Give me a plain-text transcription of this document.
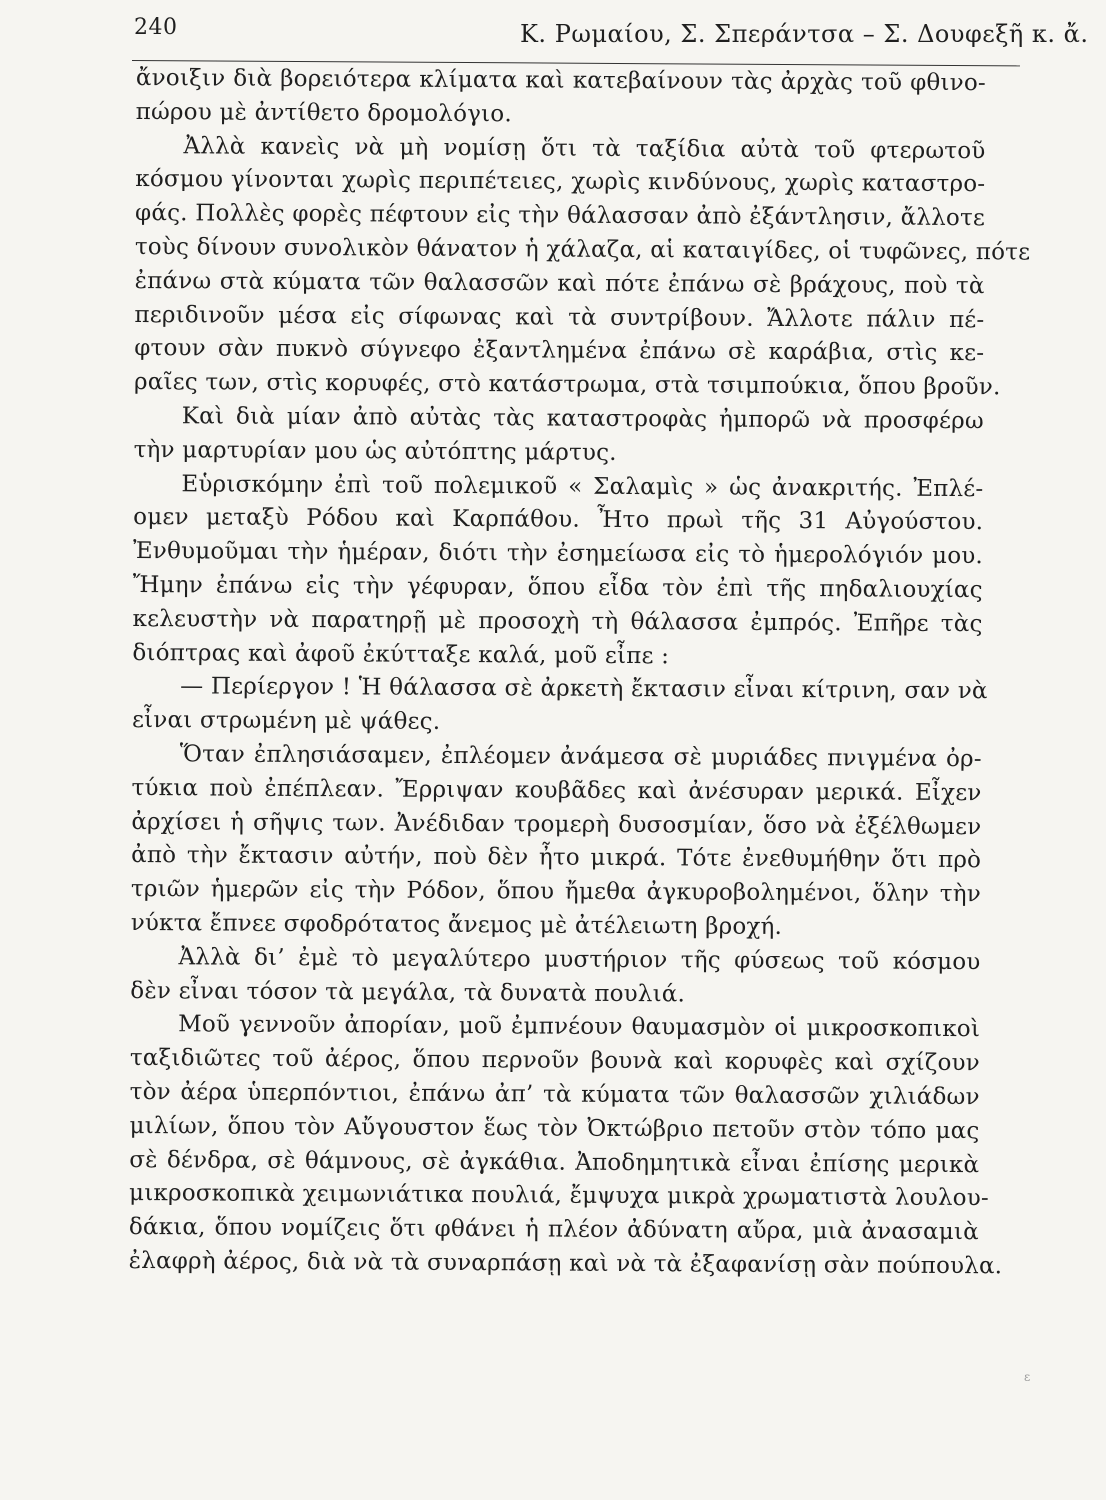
240	Κ. Ρωμαίου, Σ. Σπεράντσα – Σ. Δουφεξῆ κ. ἄ.
ἄνοιξιν διὰ βορειότερα κλίματα καὶ κατεβαίνουν τὰς ἀρχὰς τοῦ φθινο-
πώρου μὲ ἀντίθετο δρομολόγιο.
Ἀλλὰ κανεὶς νὰ μὴ νομίσῃ ὅτι τὰ ταξίδια αὐτὰ τοῦ φτερωτοῦ
κόσμου γίνονται χωρὶς περιπέτειες, χωρὶς κινδύνους, χωρὶς καταστρο-
φάς. Πολλὲς φορὲς πέφτουν εἰς τὴν θάλασσαν ἀπὸ ἐξάντλησιν, ἄλλοτε
τοὺς δίνουν συνολικὸν θάνατον ἡ χάλαζα, αἱ καταιγίδες, οἱ τυφῶνες, πότε
ἐπάνω στὰ κύματα τῶν θαλασσῶν καὶ πότε ἐπάνω σὲ βράχους, ποὺ τὰ
περιδινοῦν μέσα εἰς σίφωνας καὶ τὰ συντρίβουν. Ἄλλοτε πάλιν πέ-
φτουν σὰν πυκνὸ σύγνεφο ἐξαντλημένα ἐπάνω σὲ καράβια, στὶς κε-
ραῖες των, στὶς κορυφές, στὸ κατάστρωμα, στὰ τσιμπούκια, ὅπου βροῦν.
Καὶ διὰ μίαν ἀπὸ αὐτὰς τὰς καταστροφὰς ἠμπορῶ νὰ προσφέρω
τὴν μαρτυρίαν μου ὡς αὐτόπτης μάρτυς.
Εὑρισκόμην ἐπὶ τοῦ πολεμικοῦ « Σαλαμὶς » ὡς ἀνακριτής. Ἐπλέ-
ομεν μεταξὺ Ρόδου καὶ Καρπάθου. Ἦτο πρωὶ τῆς 31 Αὐγούστου.
Ἐνθυμοῦμαι τὴν ἡμέραν, διότι τὴν ἐσημείωσα εἰς τὸ ἡμερολόγιόν μου.
Ἤμην ἐπάνω εἰς τὴν γέφυραν, ὅπου εἶδα τὸν ἐπὶ τῆς πηδαλιουχίας
κελευστὴν νὰ παρατηρῇ μὲ προσοχὴ τὴ θάλασσα ἐμπρός. Ἐπῆρε τὰς
διόπτρας καὶ ἀφοῦ ἐκύτταξε καλά, μοῦ εἶπε :
— Περίεργον ! Ἡ θάλασσα σὲ ἀρκετὴ ἔκτασιν εἶναι κίτρινη, σαν νὰ
εἶναι στρωμένη μὲ ψάθες.
Ὅταν ἐπλησιάσαμεν, ἐπλέομεν ἀνάμεσα σὲ μυριάδες πνιγμένα ὀρ-
τύκια ποὺ ἐπέπλεαν. Ἔρριψαν κουβᾶδες καὶ ἀνέσυραν μερικά. Εἶχεν
ἀρχίσει ἡ σῆψις των. Ἀνέδιδαν τρομερὴ δυσοσμίαν, ὅσο νὰ ἐξέλθωμεν
ἀπὸ τὴν ἔκτασιν αὐτήν, ποὺ δὲν ἦτο μικρά. Τότε ἐνεθυμήθην ὅτι πρὸ
τριῶν ἡμερῶν εἰς τὴν Ρόδον, ὅπου ἤμεθα ἀγκυροβολημένοι, ὅλην τὴν
νύκτα ἔπνεε σφοδρότατος ἄνεμος μὲ ἀτέλειωτη βροχή.
Ἀλλὰ δι’ ἐμὲ τὸ μεγαλύτερο μυστήριον τῆς φύσεως τοῦ κόσμου
δὲν εἶναι τόσον τὰ μεγάλα, τὰ δυνατὰ πουλιά.
Μοῦ γεννοῦν ἀπορίαν, μοῦ ἐμπνέουν θαυμασμὸν οἱ μικροσκοπικοὶ
ταξιδιῶτες τοῦ ἀέρος, ὅπου περνοῦν βουνὰ καὶ κορυφὲς καὶ σχίζουν
τὸν ἀέρα ὑπερπόντιοι, ἐπάνω ἀπ’ τὰ κύματα τῶν θαλασσῶν χιλιάδων
μιλίων, ὅπου τὸν Αὔγουστον ἕως τὸν Ὀκτώβριο πετοῦν στὸν τόπο μας
σὲ δένδρα, σὲ θάμνους, σὲ ἀγκάθια. Ἀποδημητικὰ εἶναι ἐπίσης μερικὰ
μικροσκοπικὰ χειμωνιάτικα πουλιά, ἔμψυχα μικρὰ χρωματιστὰ λουλου-
δάκια, ὅπου νομίζεις ὅτι φθάνει ἡ πλέον ἀδύνατη αὔρα, μιὰ ἀνασαμιὰ
ἐλαφρὴ ἀέρος, διὰ νὰ τὰ συναρπάσῃ καὶ νὰ τὰ ἐξαφανίσῃ σὰν πούπουλα.
ɛ
